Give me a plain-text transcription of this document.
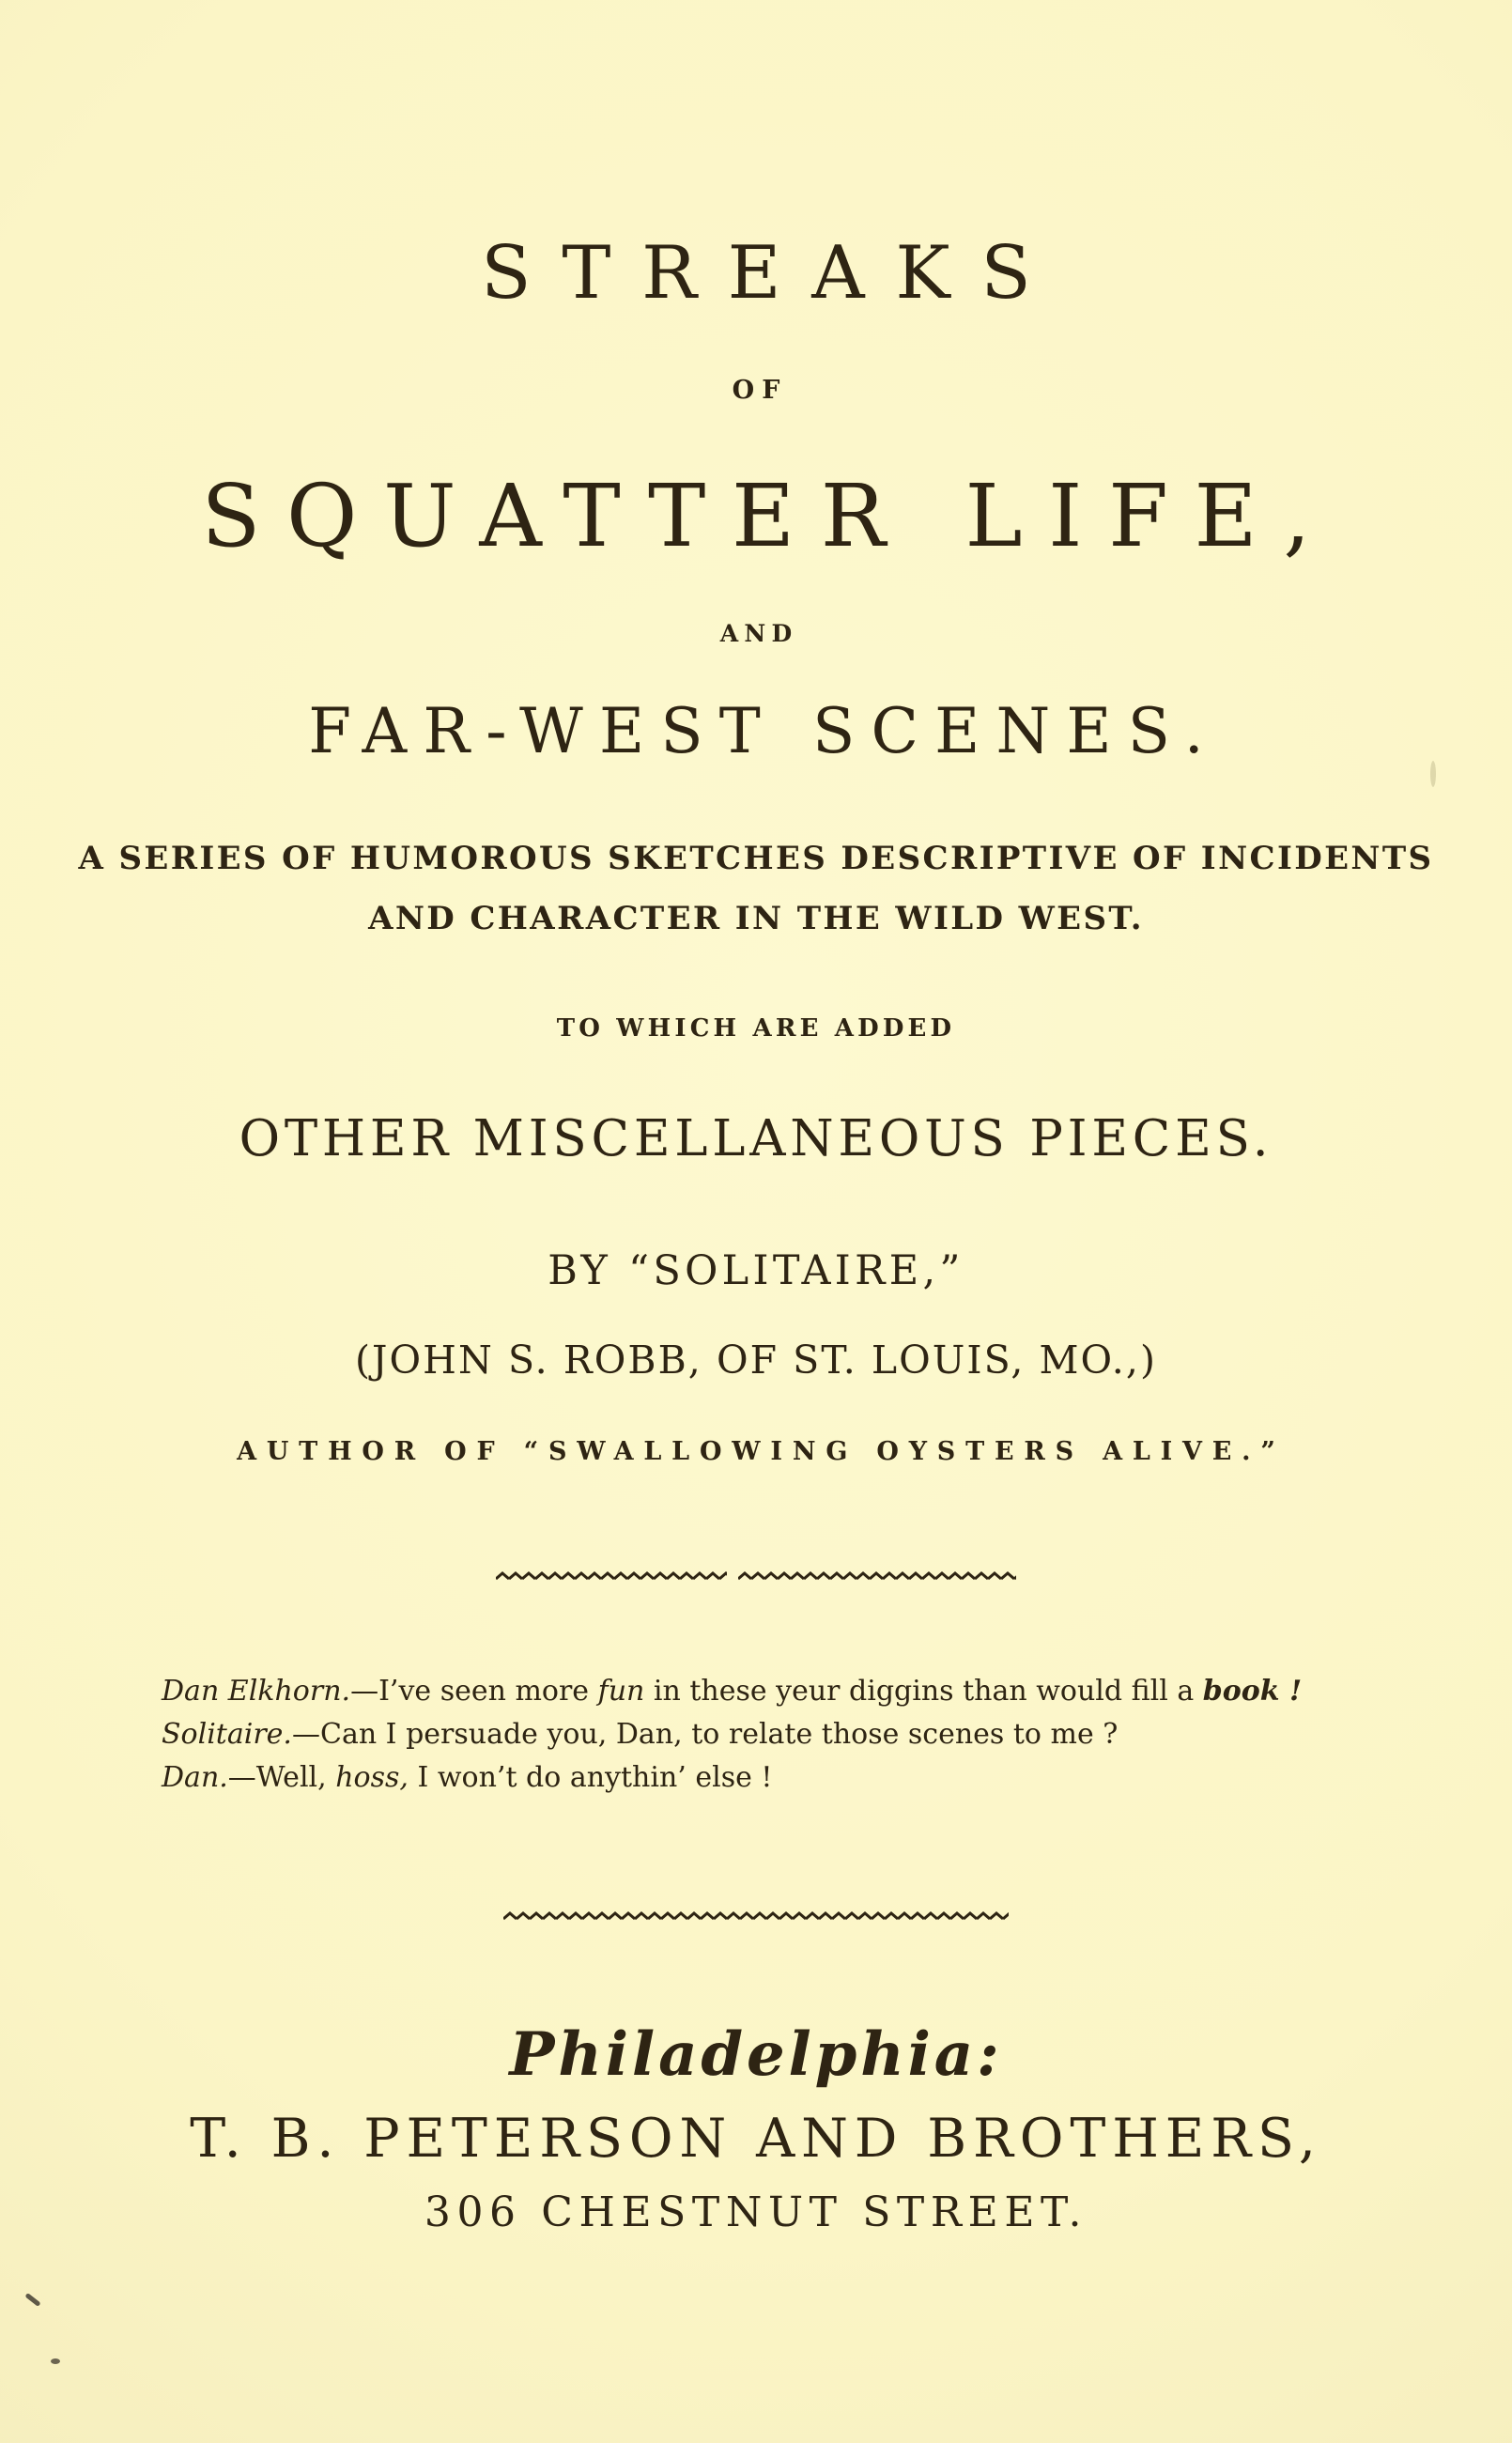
STREAKS
OF
SQUATTER LIFE,
AND
FAR-WEST SCENES.
A SERIES OF HUMOROUS SKETCHES DESCRIPTIVE OF INCIDENTS
AND CHARACTER IN THE WILD WEST.
TO WHICH ARE ADDED
OTHER MISCELLANEOUS PIECES.
BY “SOLITAIRE,”
(JOHN S. ROBB, OF ST. LOUIS, MO.,)
AUTHOR OF “SWALLOWING OYSTERS ALIVE.”

Dan Elkhorn.—I’ve seen more fun in these yeur diggins than would fill a book !

Solitaire.—Can I persuade you, Dan, to relate those scenes to me ?

Dan.—Well, hoss, I won’t do anythin’ else !

Philadelphia:
T. B. PETERSON AND BROTHERS,
306 CHESTNUT STREET.
